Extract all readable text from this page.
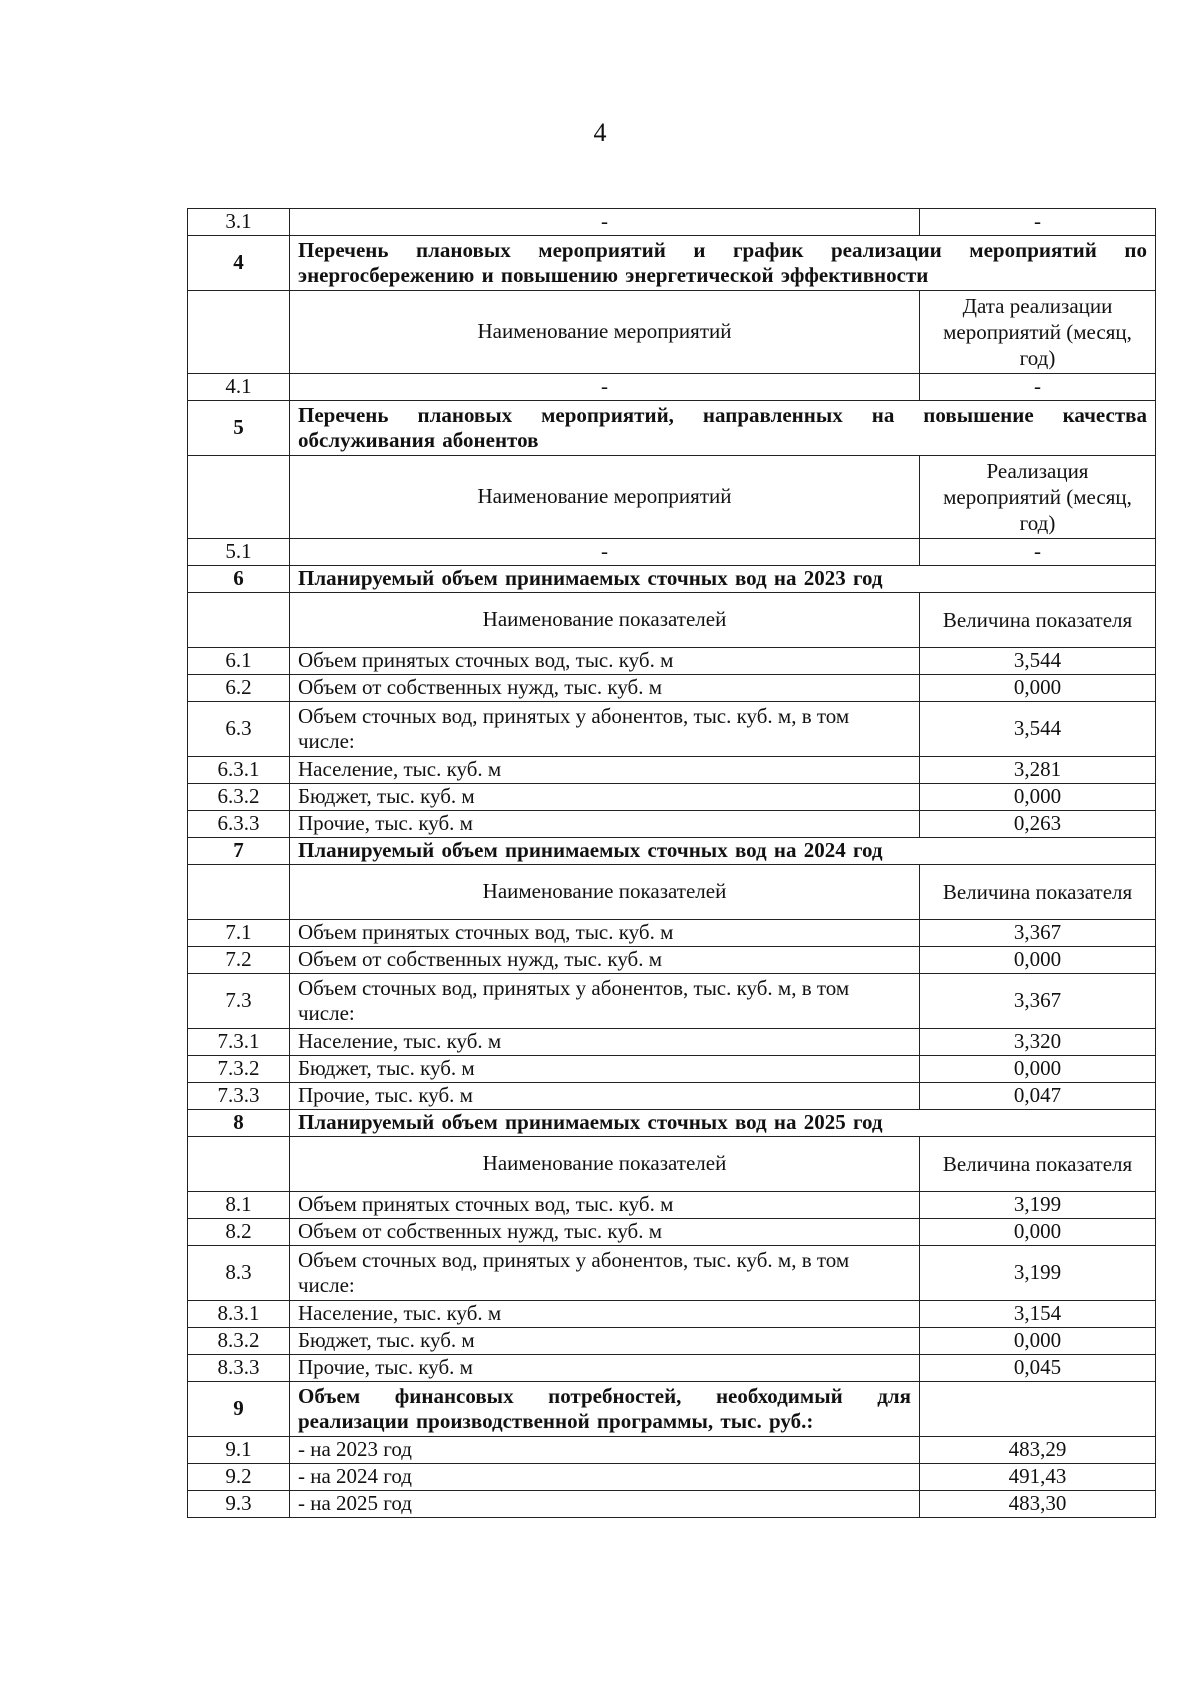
4
3.1	-	-
4	Перечень плановых мероприятий и график реализации мероприятий по энергосбережению и повышению энергетической эффективности	
	Наименование мероприятий	Дата реализации мероприятий (месяц, год)
4.1	-	-
5	Перечень плановых мероприятий, направленных на повышение качества обслуживания абонентов	
	Наименование мероприятий	Реализация мероприятий (месяц, год)
5.1	-	-
6	Планируемый объем принимаемых сточных вод на 2023 год	
	Наименование показателей	Величина показателя
6.1	Объем принятых сточных вод, тыс. куб. м	3,544
6.2	Объем от собственных нужд, тыс. куб. м	0,000
6.3	Объем сточных вод, принятых у абонентов, тыс. куб. м, в том числе:	3,544
6.3.1	Население, тыс. куб. м	3,281
6.3.2	Бюджет, тыс. куб. м	0,000
6.3.3	Прочие, тыс. куб. м	0,263
7	Планируемый объем принимаемых сточных вод на 2024 год	
	Наименование показателей	Величина показателя
7.1	Объем принятых сточных вод, тыс. куб. м	3,367
7.2	Объем от собственных нужд, тыс. куб. м	0,000
7.3	Объем сточных вод, принятых у абонентов, тыс. куб. м, в том числе:	3,367
7.3.1	Население, тыс. куб. м	3,320
7.3.2	Бюджет, тыс. куб. м	0,000
7.3.3	Прочие, тыс. куб. м	0,047
8	Планируемый объем принимаемых сточных вод на 2025 год	
	Наименование показателей	Величина показателя
8.1	Объем принятых сточных вод, тыс. куб. м	3,199
8.2	Объем от собственных нужд, тыс. куб. м	0,000
8.3	Объем сточных вод, принятых у абонентов, тыс. куб. м, в том числе:	3,199
8.3.1	Население, тыс. куб. м	3,154
8.3.2	Бюджет, тыс. куб. м	0,000
8.3.3	Прочие, тыс. куб. м	0,045
9	Объем финансовых потребностей, необходимый для реализации производственной программы, тыс. руб.:	
9.1	- на 2023 год	483,29
9.2	- на 2024 год	491,43
9.3	- на 2025 год	483,30
